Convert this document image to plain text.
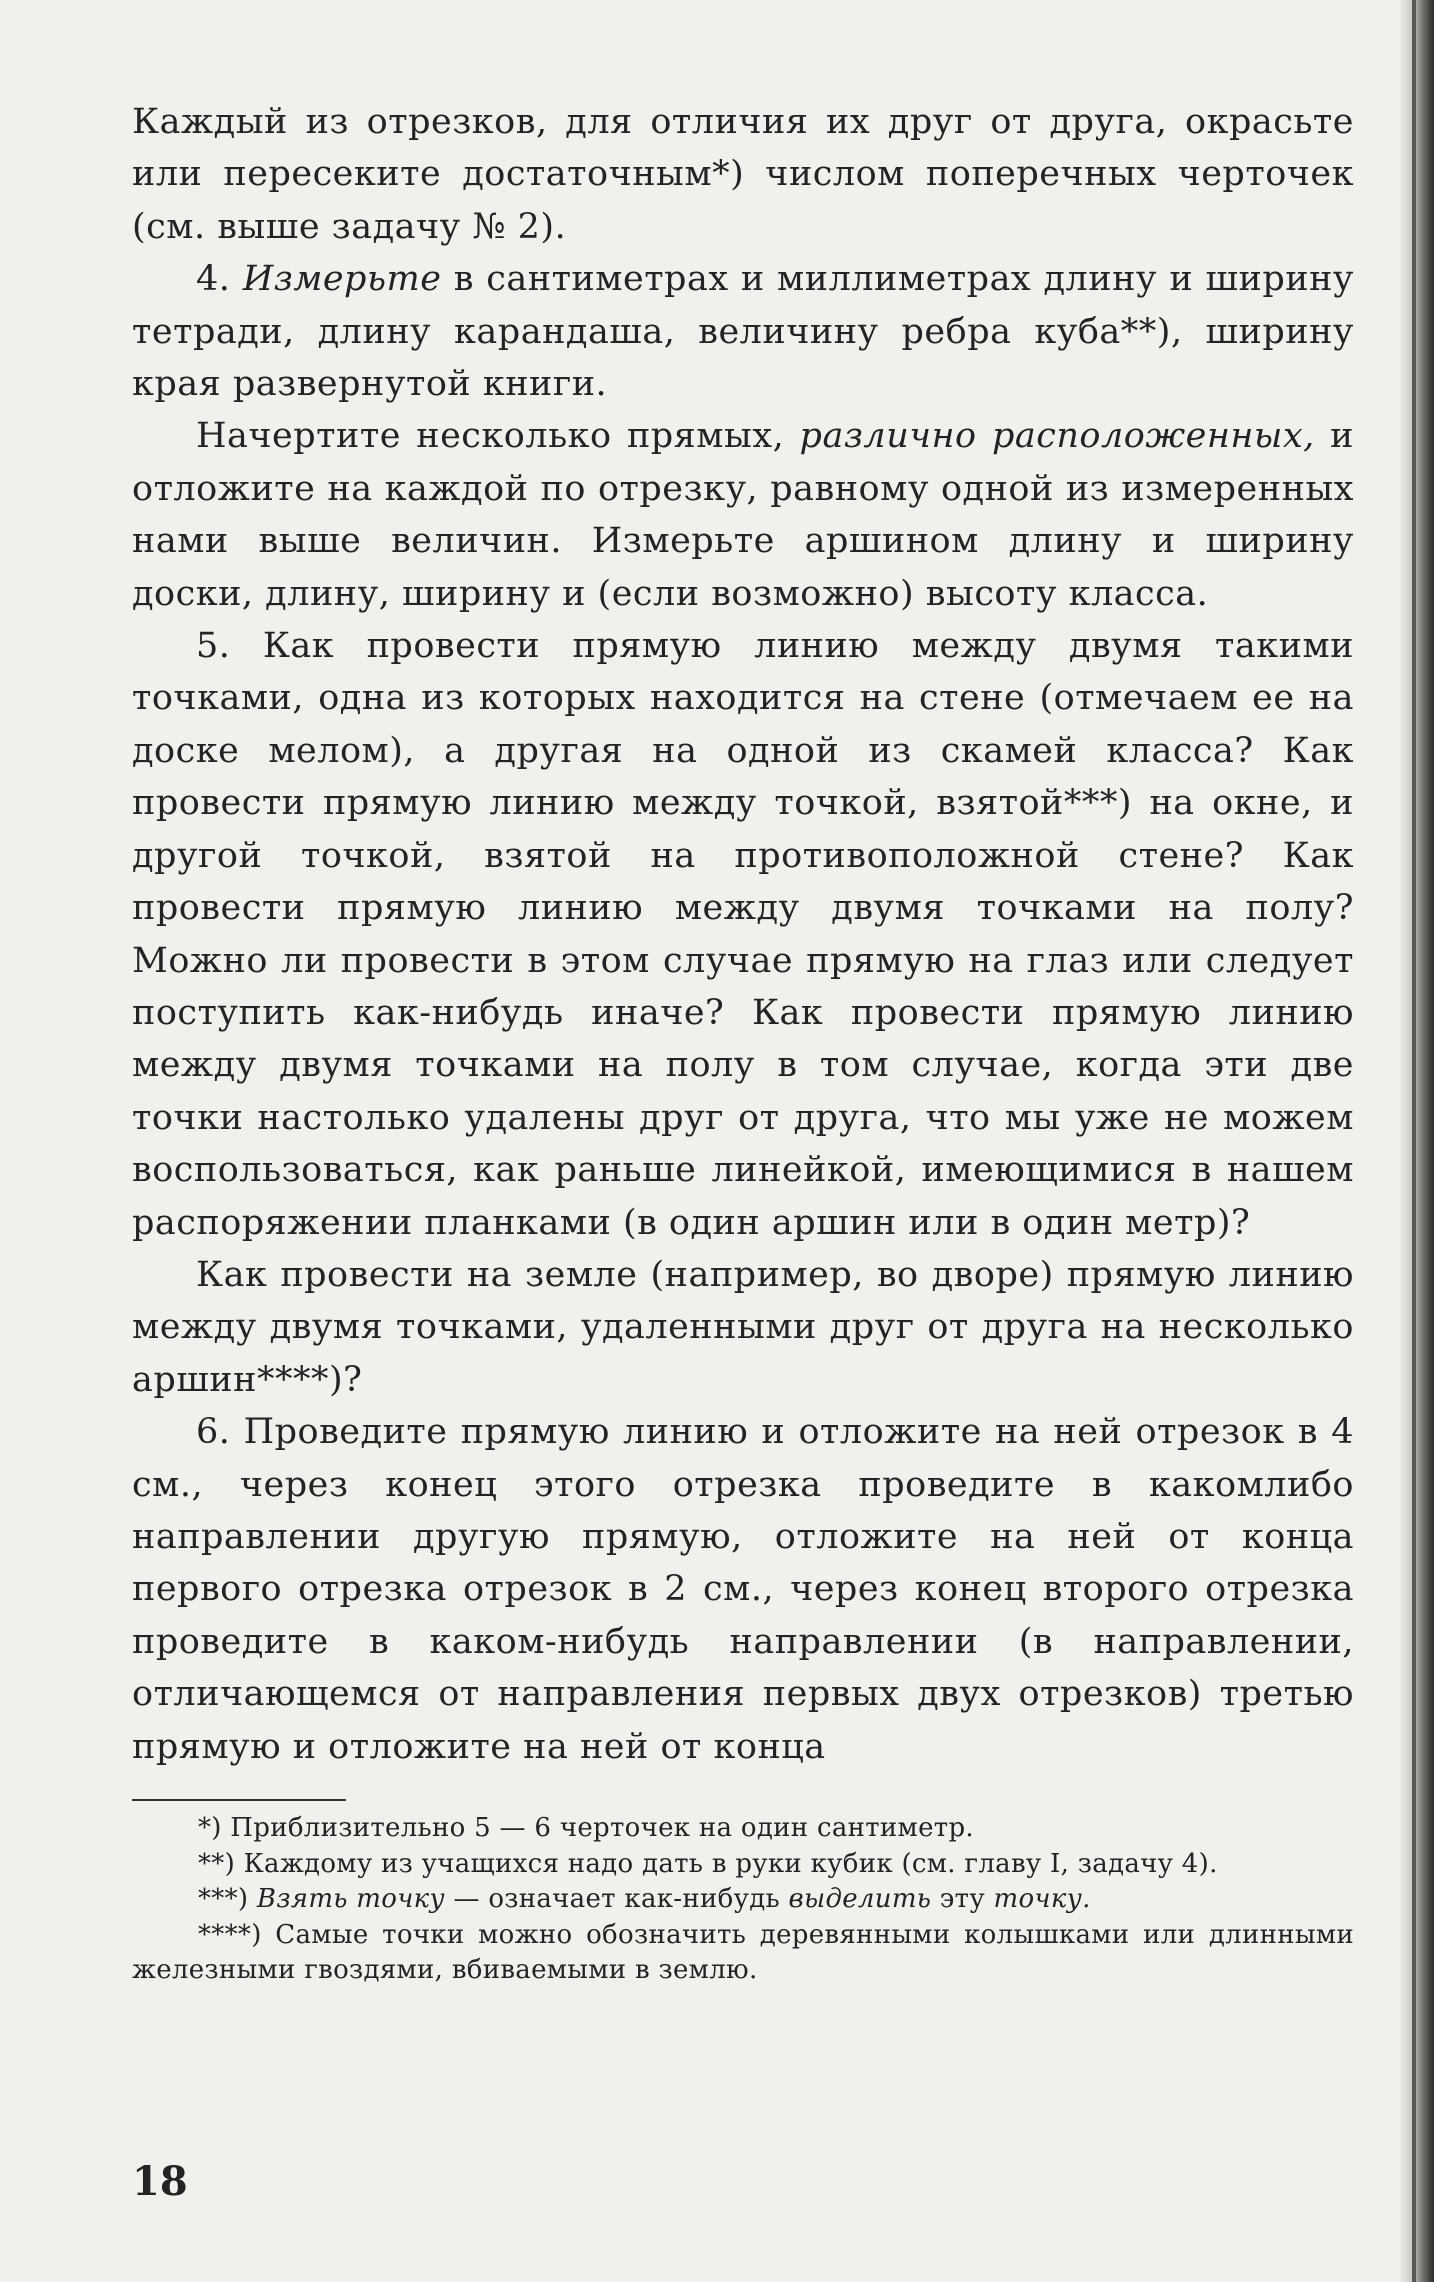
Каждый из отрезков, для отличия их друг от друга, окрасьте или пересеките достаточным*) числом поперечных черточек (см. выше задачу № 2).

4. Измерьте в сантиметрах и миллиметрах длину и ширину тетради, длину карандаша, величину ребра куба**), ширину края развернутой книги.

Начертите несколько прямых, различно расположенных, и отложите на каждой по отрезку, равному одной из измеренных нами выше величин. Измерьте аршином длину и ширину доски, длину, ширину и (если возможно) высоту класса.

5. Как провести прямую линию между двумя такими точками, одна из которых находится на стене (отмечаем ее на доске мелом), а другая на одной из скамей класса? Как провести прямую линию между точкой, взятой***) на окне, и другой точкой, взятой на противоположной стене? Как провести прямую линию между двумя точками на полу? Можно ли провести в этом случае прямую на глаз или следует поступить как-нибудь иначе? Как провести прямую линию между двумя точками на полу в том случае, когда эти две точки настолько удалены друг от друга, что мы уже не можем воспользоваться, как раньше линейкой, имеющимися в нашем распоряжении планками (в один аршин или в один метр)?

Как провести на земле (например, во дворе) прямую линию между двумя точками, удаленными друг от друга на несколько аршин****)?

6. Проведите прямую линию и отложите на ней отрезок в 4 см., через конец этого отрезка проведите в какомлибо направлении другую прямую, отложите на ней от конца первого отрезка отрезок в 2 см., через конец второго отрезка проведите в каком-нибудь направлении (в направлении, отличающемся от направления первых двух отрезков) третью прямую и отложите на ней от конца

*) Приблизительно 5 — 6 черточек на один сантиметр.

**) Каждому из учащихся надо дать в руки кубик (см. главу I, задачу 4).

***) Взять точку — означает как-нибудь выделить эту точку.

****) Самые точки можно обозначить деревянными колышками или длинными железными гвоздями, вбиваемыми в землю.

18
